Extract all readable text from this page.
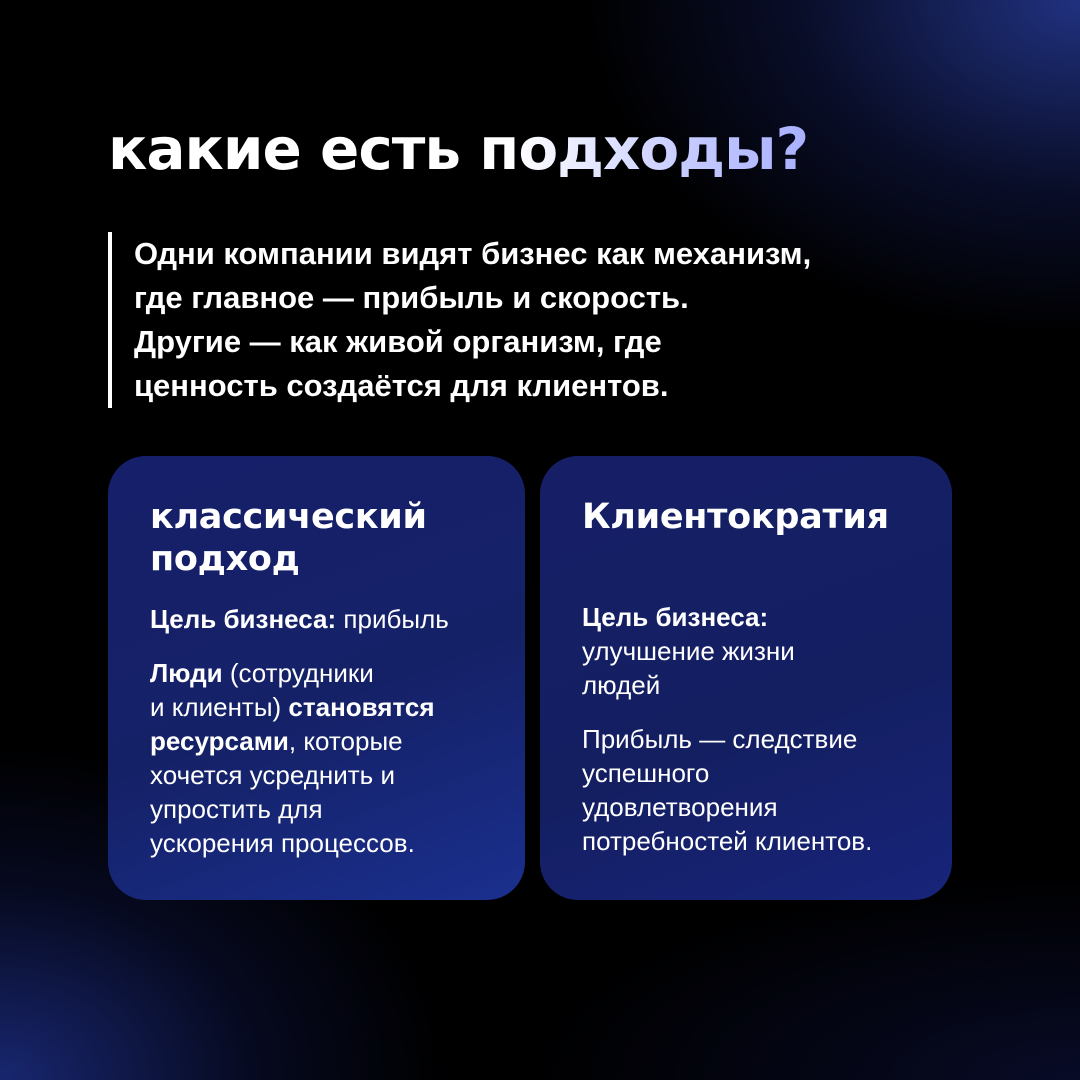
какие есть подходы?

Одни компании видят бизнес как механизм,

где главное — прибыль и скорость.

Другие — как живой организм, где

ценность создаётся для клиентов.

классический
подход

Цель бизнеса: прибыль

Люди (сотрудники
и клиенты) становятся
ресурсами, которые
хочется усреднить и
упростить для
ускорения процессов.
Клиентократия
Цель бизнеса:
улучшение жизни
людей
Прибыль — следствие
успешного
удовлетворения
потребностей клиентов.
